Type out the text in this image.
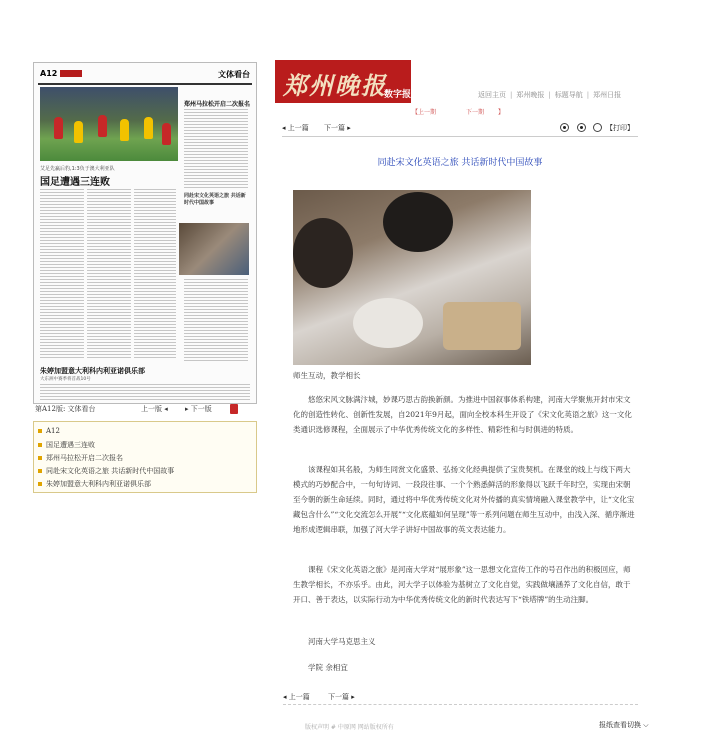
A12	文体看台
艾足先赢后豹,1:3负于澳大利亚队
国足遭遇三连败
郑州马拉松开启二次报名
同赴宋文化英语之旅 共话新时代中国故事
朱婷加盟意大利科内利亚诺俱乐部
大东洲中赛季将首战10号
第A12版: 文体看台	上一版 ◂ ▸ 下一版
A12
国足遭遇三连败
郑州马拉松开启二次报名
同赴宋文化英语之旅 共话新时代中国故事
朱婷加盟意大利科内利亚诺俱乐部
郑州晚报
数字报	返回主页 | 郑州晚报 | 标题导航 | 郑州日报
【上一期	下一期 】
◂ 上一篇 下一篇 ▸	【打印】
同赴宋文化英语之旅 共话新时代中国故事
师生互动，教学相长

悠悠宋风文脉满汴城，妙课巧思古韵换新颜。为推进中国叙事体系构建，河南大学聚焦开封市宋文化的创造性转化、创新性发展，自2021年9月起，面向全校本科生开设了《宋文化英语之旅》这一文化类通识选修课程，全面展示了中华优秀传统文化的多样性、精彩性和与时俱进的特质。

该课程如其名般，为师生同赏文化盛景、弘扬文化经典提供了宝贵契机。在课堂的线上与线下两大模式的巧妙配合中，一句句诗词、一段段往事、一个个熟悉鲜活的形象得以飞跃千年时空，实现由宋朝至今朝的新生命延续。同时，通过将中华优秀传统文化对外传播的真实情境融入课堂教学中，让“文化宝藏包含什么”“文化交流怎么开展”“文化底蕴如何呈现”等一系列问题在师生互动中，由浅入深、循序渐进地形成逻辑串联，加强了河大学子讲好中国故事的英文表达能力。

课程《宋文化英语之旅》是河南大学对“展形象”这一思想文化宣传工作的号召作出的积极回应，师生教学相长，不亦乐乎。由此，河大学子以体验为基树立了文化自觉，实践做壤涵养了文化自信，敢于开口、善于表达，以实际行动为中华优秀传统文化的新时代表达写下“铁塔牌”的生动注脚。

河南大学马克思主义

学院 余相宜

◂ 上一篇	下一篇 ▸
版权声明 # 中原网 网站版权所有	报纸查看切换 ⌵
